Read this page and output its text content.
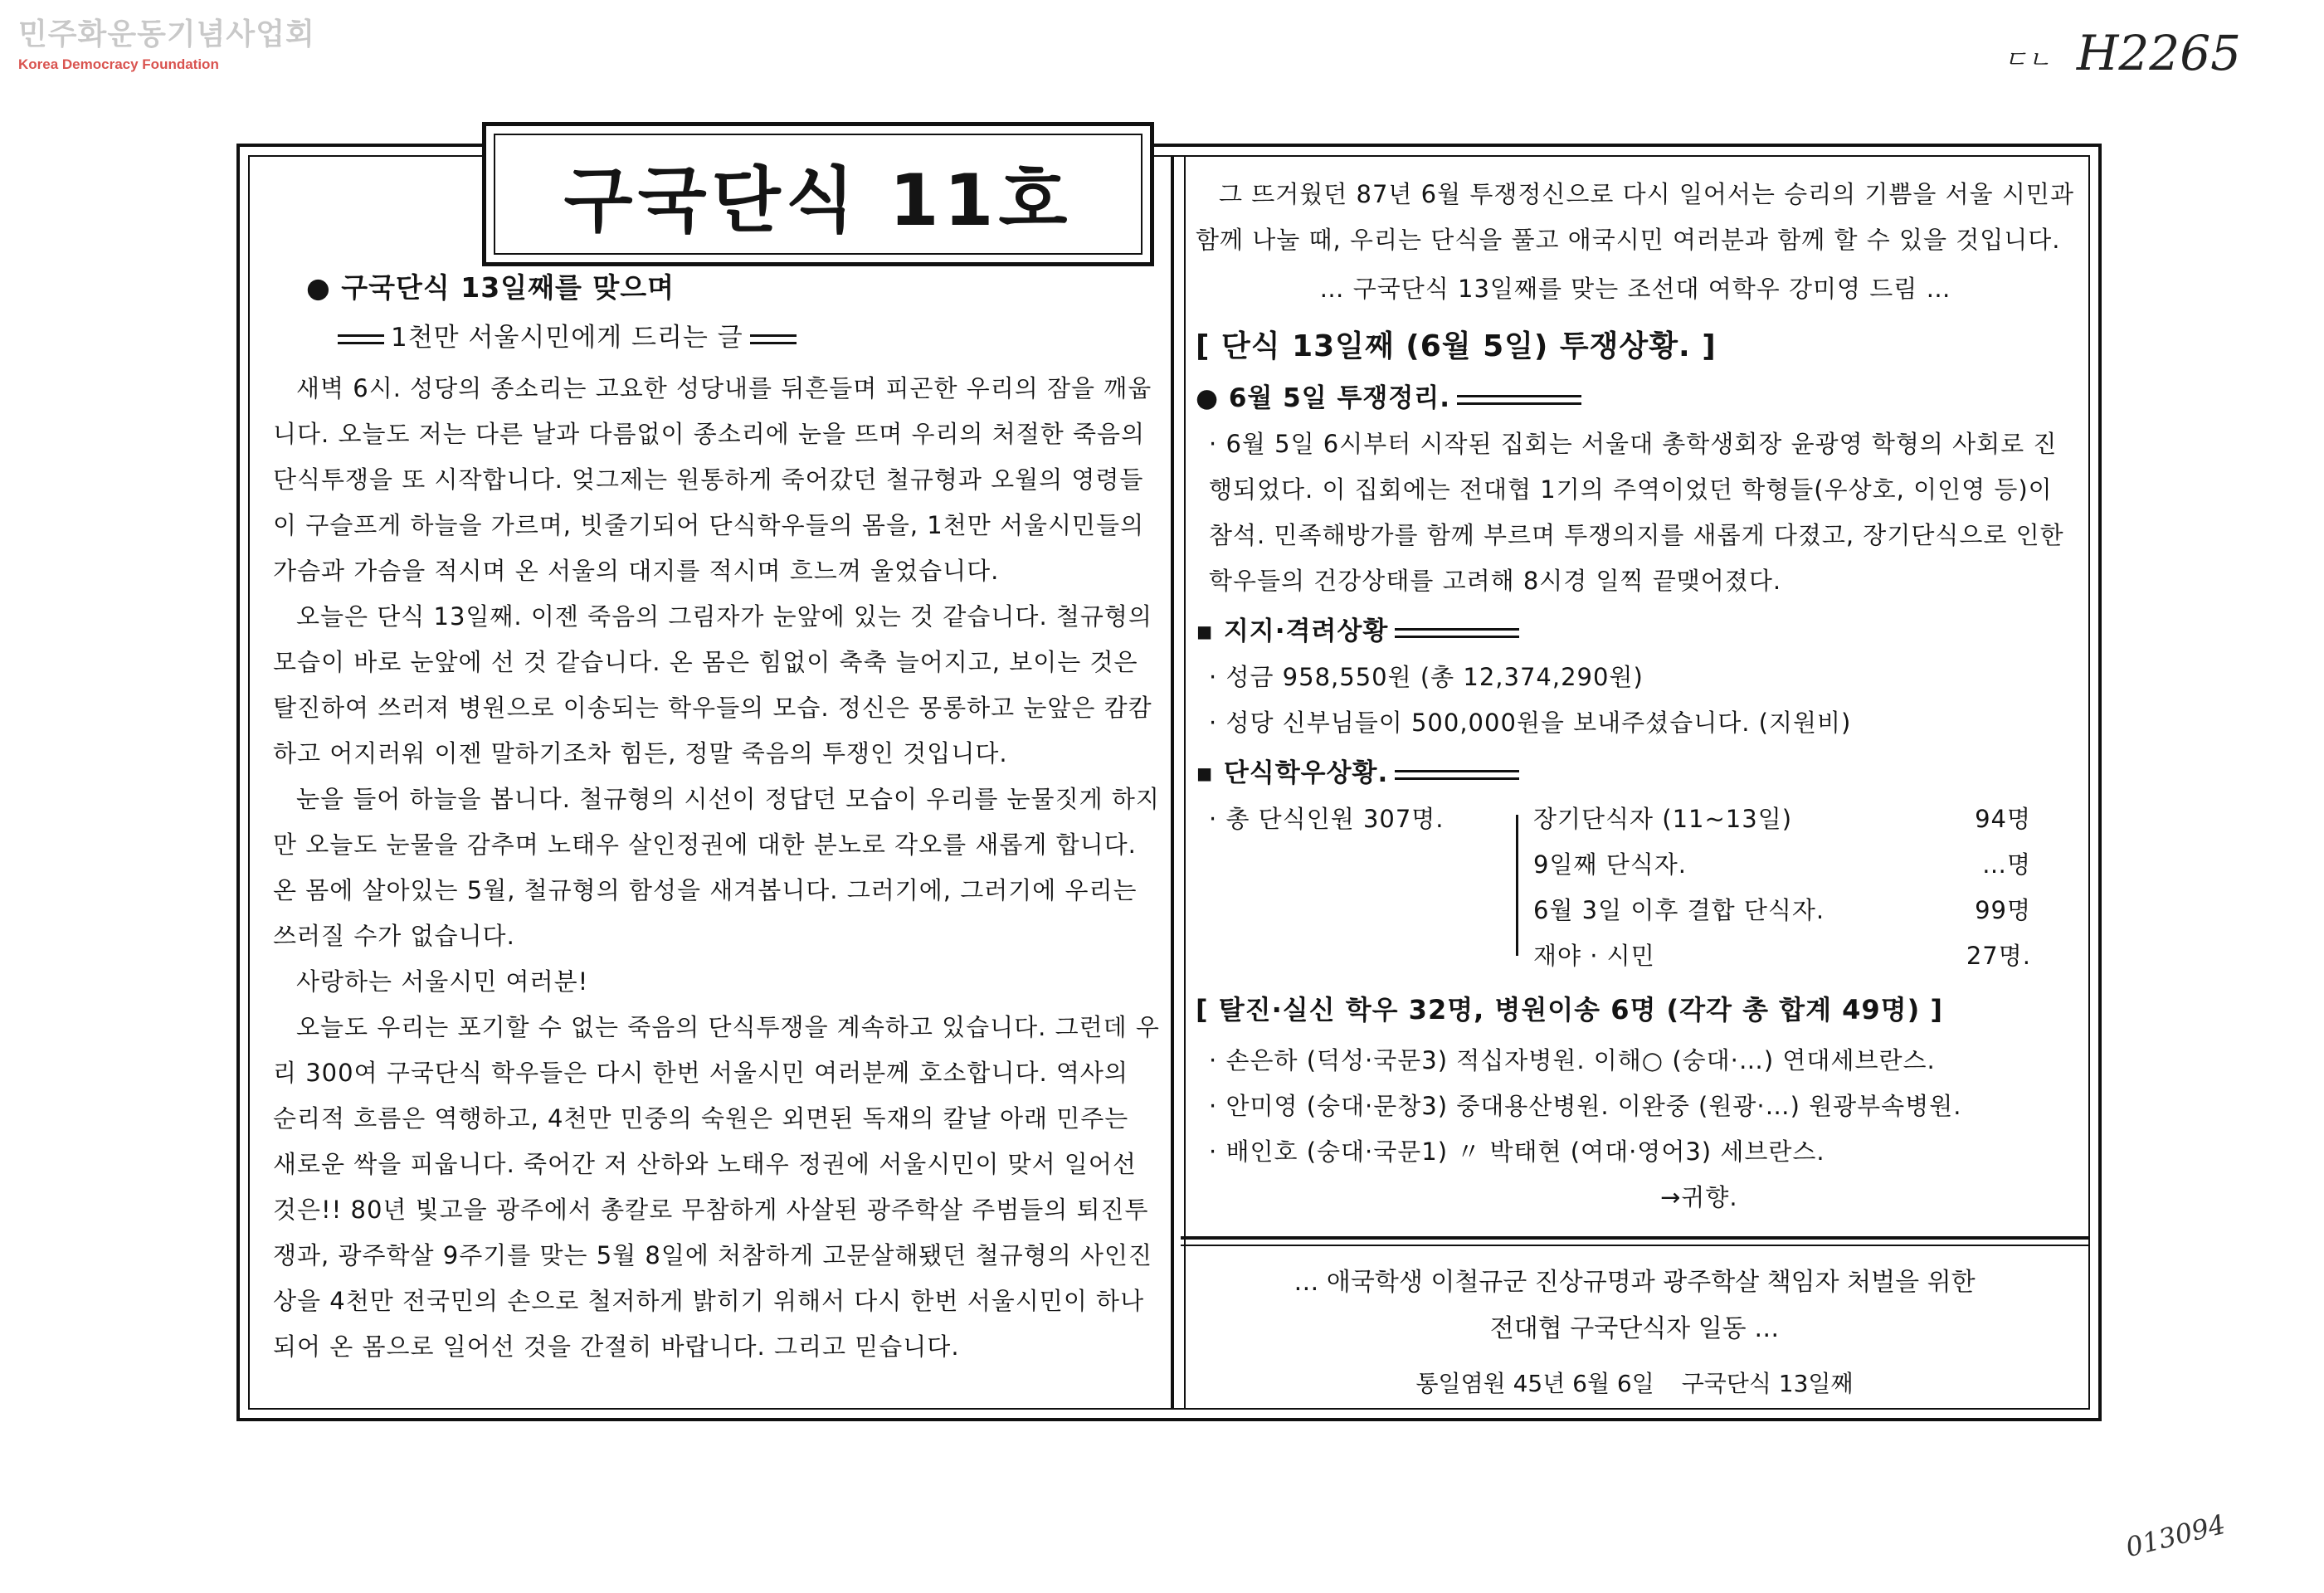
민주화운동기념사업회
Korea Democracy Foundation	ㄷㄴ H2265
013094
구국단식 11호
● 구국단식 13일째를 맞으며
1천만 서울시민에게 드리는 글

새벽 6시. 성당의 종소리는 고요한 성당내를 뒤흔들며 피곤한 우리의 잠을 깨웁니다. 오늘도 저는 다른 날과 다름없이 종소리에 눈을 뜨며 우리의 처절한 죽음의 단식투쟁을 또 시작합니다. 엊그제는 원통하게 죽어갔던 철규형과 오월의 영령들이 구슬프게 하늘을 가르며, 빗줄기되어 단식학우들의 몸을, 1천만 서울시민들의 가슴과 가슴을 적시며 온 서울의 대지를 적시며 흐느껴 울었습니다.

오늘은 단식 13일째. 이젠 죽음의 그림자가 눈앞에 있는 것 같습니다. 철규형의 모습이 바로 눈앞에 선 것 같습니다. 온 몸은 힘없이 축축 늘어지고, 보이는 것은 탈진하여 쓰러져 병원으로 이송되는 학우들의 모습. 정신은 몽롱하고 눈앞은 캄캄하고 어지러워 이젠 말하기조차 힘든, 정말 죽음의 투쟁인 것입니다.

눈을 들어 하늘을 봅니다. 철규형의 시선이 정답던 모습이 우리를 눈물짓게 하지만 오늘도 눈물을 감추며 노태우 살인정권에 대한 분노로 각오를 새롭게 합니다. 온 몸에 살아있는 5월, 철규형의 함성을 새겨봅니다. 그러기에, 그러기에 우리는 쓰러질 수가 없습니다.

사랑하는 서울시민 여러분!

오늘도 우리는 포기할 수 없는 죽음의 단식투쟁을 계속하고 있습니다. 그런데 우리 300여 구국단식 학우들은 다시 한번 서울시민 여러분께 호소합니다. 역사의 순리적 흐름은 역행하고, 4천만 민중의 숙원은 외면된 독재의 칼날 아래 민주는 새로운 싹을 피웁니다. 죽어간 저 산하와 노태우 정권에 서울시민이 맞서 일어선 것은!! 80년 빛고을 광주에서 총칼로 무참하게 사살된 광주학살 주범들의 퇴진투쟁과, 광주학살 9주기를 맞는 5월 8일에 처참하게 고문살해됐던 철규형의 사인진상을 4천만 전국민의 손으로 철저하게 밝히기 위해서 다시 한번 서울시민이 하나되어 온 몸으로 일어선 것을 간절히 바랍니다. 그리고 믿습니다.

그 뜨거웠던 87년 6월 투쟁정신으로 다시 일어서는 승리의 기쁨을 서울 시민과 함께 나눌 때, 우리는 단식을 풀고 애국시민 여러분과 함께 할 수 있을 것입니다.

… 구국단식 13일째를 맞는 조선대 여학우 강미영 드림 …
[ 단식 13일째 (6월 5일) 투쟁상황. ]
● 6월 5일 투쟁정리.
· 6월 5일 6시부터 시작된 집회는 서울대 총학생회장 윤광영 학형의 사회로 진행되었다. 이 집회에는 전대협 1기의 주역이었던 학형들(우상호, 이인영 등)이 참석. 민족해방가를 함께 부르며 투쟁의지를 새롭게 다졌고, 장기단식으로 인한 학우들의 건강상태를 고려해 8시경 일찍 끝맺어졌다.
▪ 지지·격려상황
· 성금 958,550원 (총 12,374,290원)
· 성당 신부님들이 500,000원을 보내주셨습니다. (지원비)
▪ 단식학우상황.
· 총 단식인원 307명.	장기단식자 (11~13일)	94명
9일째 단식자.	…명
6월 3일 이후 결합 단식자.	99명
재야 · 시민	27명.
[ 탈진·실신 학우 32명, 병원이송 6명 (각각 총 합계 49명) ]
· 손은하 (덕성·국문3) 적십자병원. 이해○ (숭대·…) 연대세브란스.
· 안미영 (숭대·문창3) 중대용산병원. 이완중 (원광·…) 원광부속병원.
· 배인호 (숭대·국문1) 〃 박태현 (여대·영어3) 세브란스.
→귀향.
… 애국학생 이철규군 진상규명과 광주학살 책임자 처벌을 위한
전대협 구국단식자 일동 …
통일염원 45년 6월 6일 구국단식 13일째
